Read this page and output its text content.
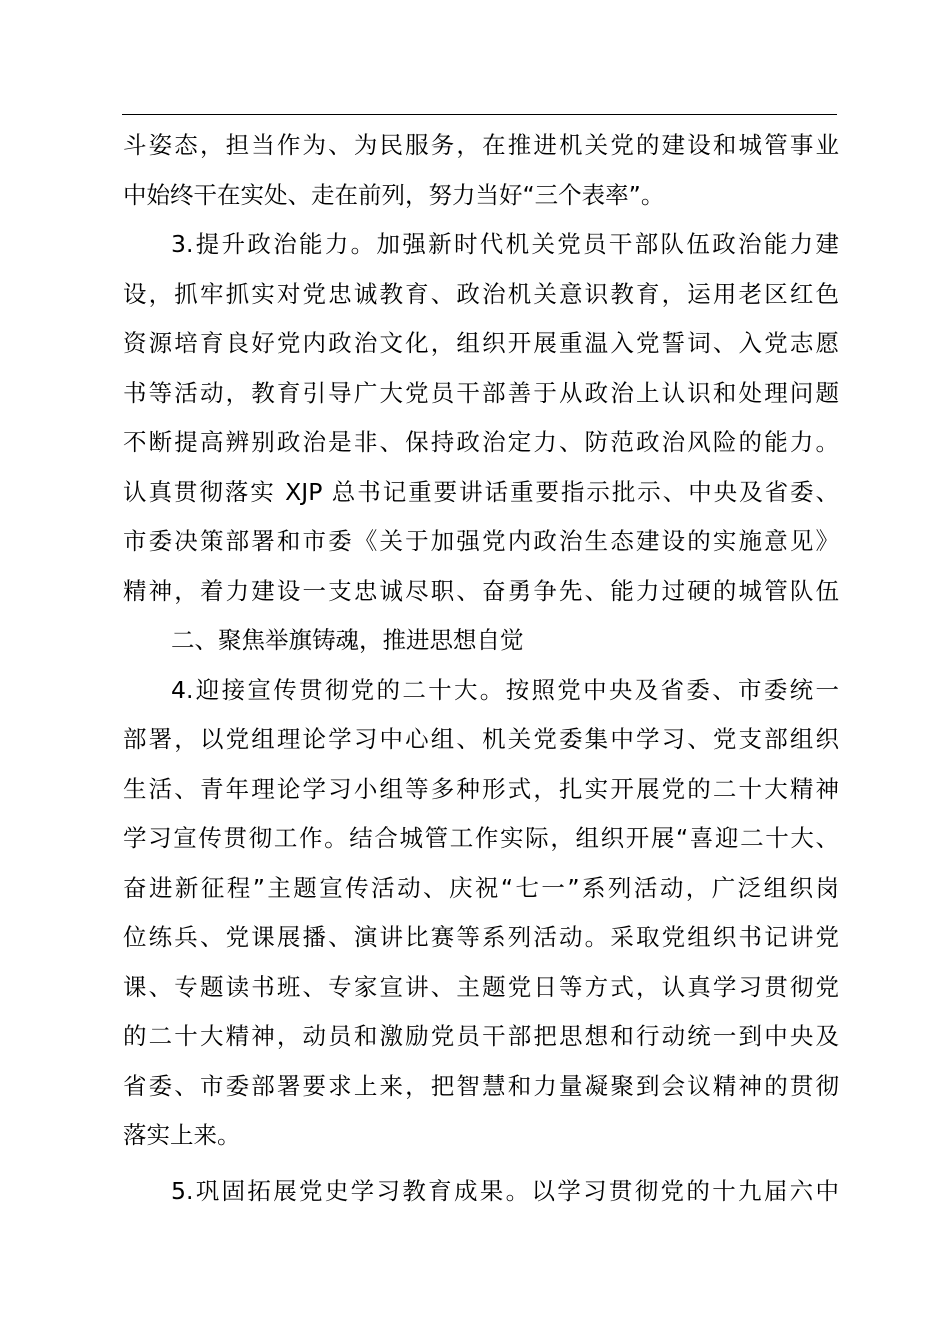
斗姿态，担当作为、为民服务，在推进机关党的建设和城管事业
中始终干在实处、走在前列，努力当好“三个表率”。
3.提升政治能力。加强新时代机关党员干部队伍政治能力建
设，抓牢抓实对党忠诚教育、政治机关意识教育，运用老区红色
资源培育良好党内政治文化，组织开展重温入党誓词、入党志愿
书等活动，教育引导广大党员干部善于从政治上认识和处理问题
不断提高辨别政治是非、保持政治定力、防范政治风险的能力。
认真贯彻落实 XJP 总书记重要讲话重要指示批示、中央及省委、
市委决策部署和市委《关于加强党内政治生态建设的实施意见》
精神，着力建设一支忠诚尽职、奋勇争先、能力过硬的城管队伍
二、聚焦举旗铸魂，推进思想自觉
4.迎接宣传贯彻党的二十大。按照党中央及省委、市委统一
部署，以党组理论学习中心组、机关党委集中学习、党支部组织
生活、青年理论学习小组等多种形式，扎实开展党的二十大精神
学习宣传贯彻工作。结合城管工作实际，组织开展“喜迎二十大、
奋进新征程”主题宣传活动、庆祝“七一”系列活动，广泛组织岗
位练兵、党课展播、演讲比赛等系列活动。采取党组织书记讲党
课、专题读书班、专家宣讲、主题党日等方式，认真学习贯彻党
的二十大精神，动员和激励党员干部把思想和行动统一到中央及
省委、市委部署要求上来，把智慧和力量凝聚到会议精神的贯彻
落实上来。
5.巩固拓展党史学习教育成果。以学习贯彻党的十九届六中
